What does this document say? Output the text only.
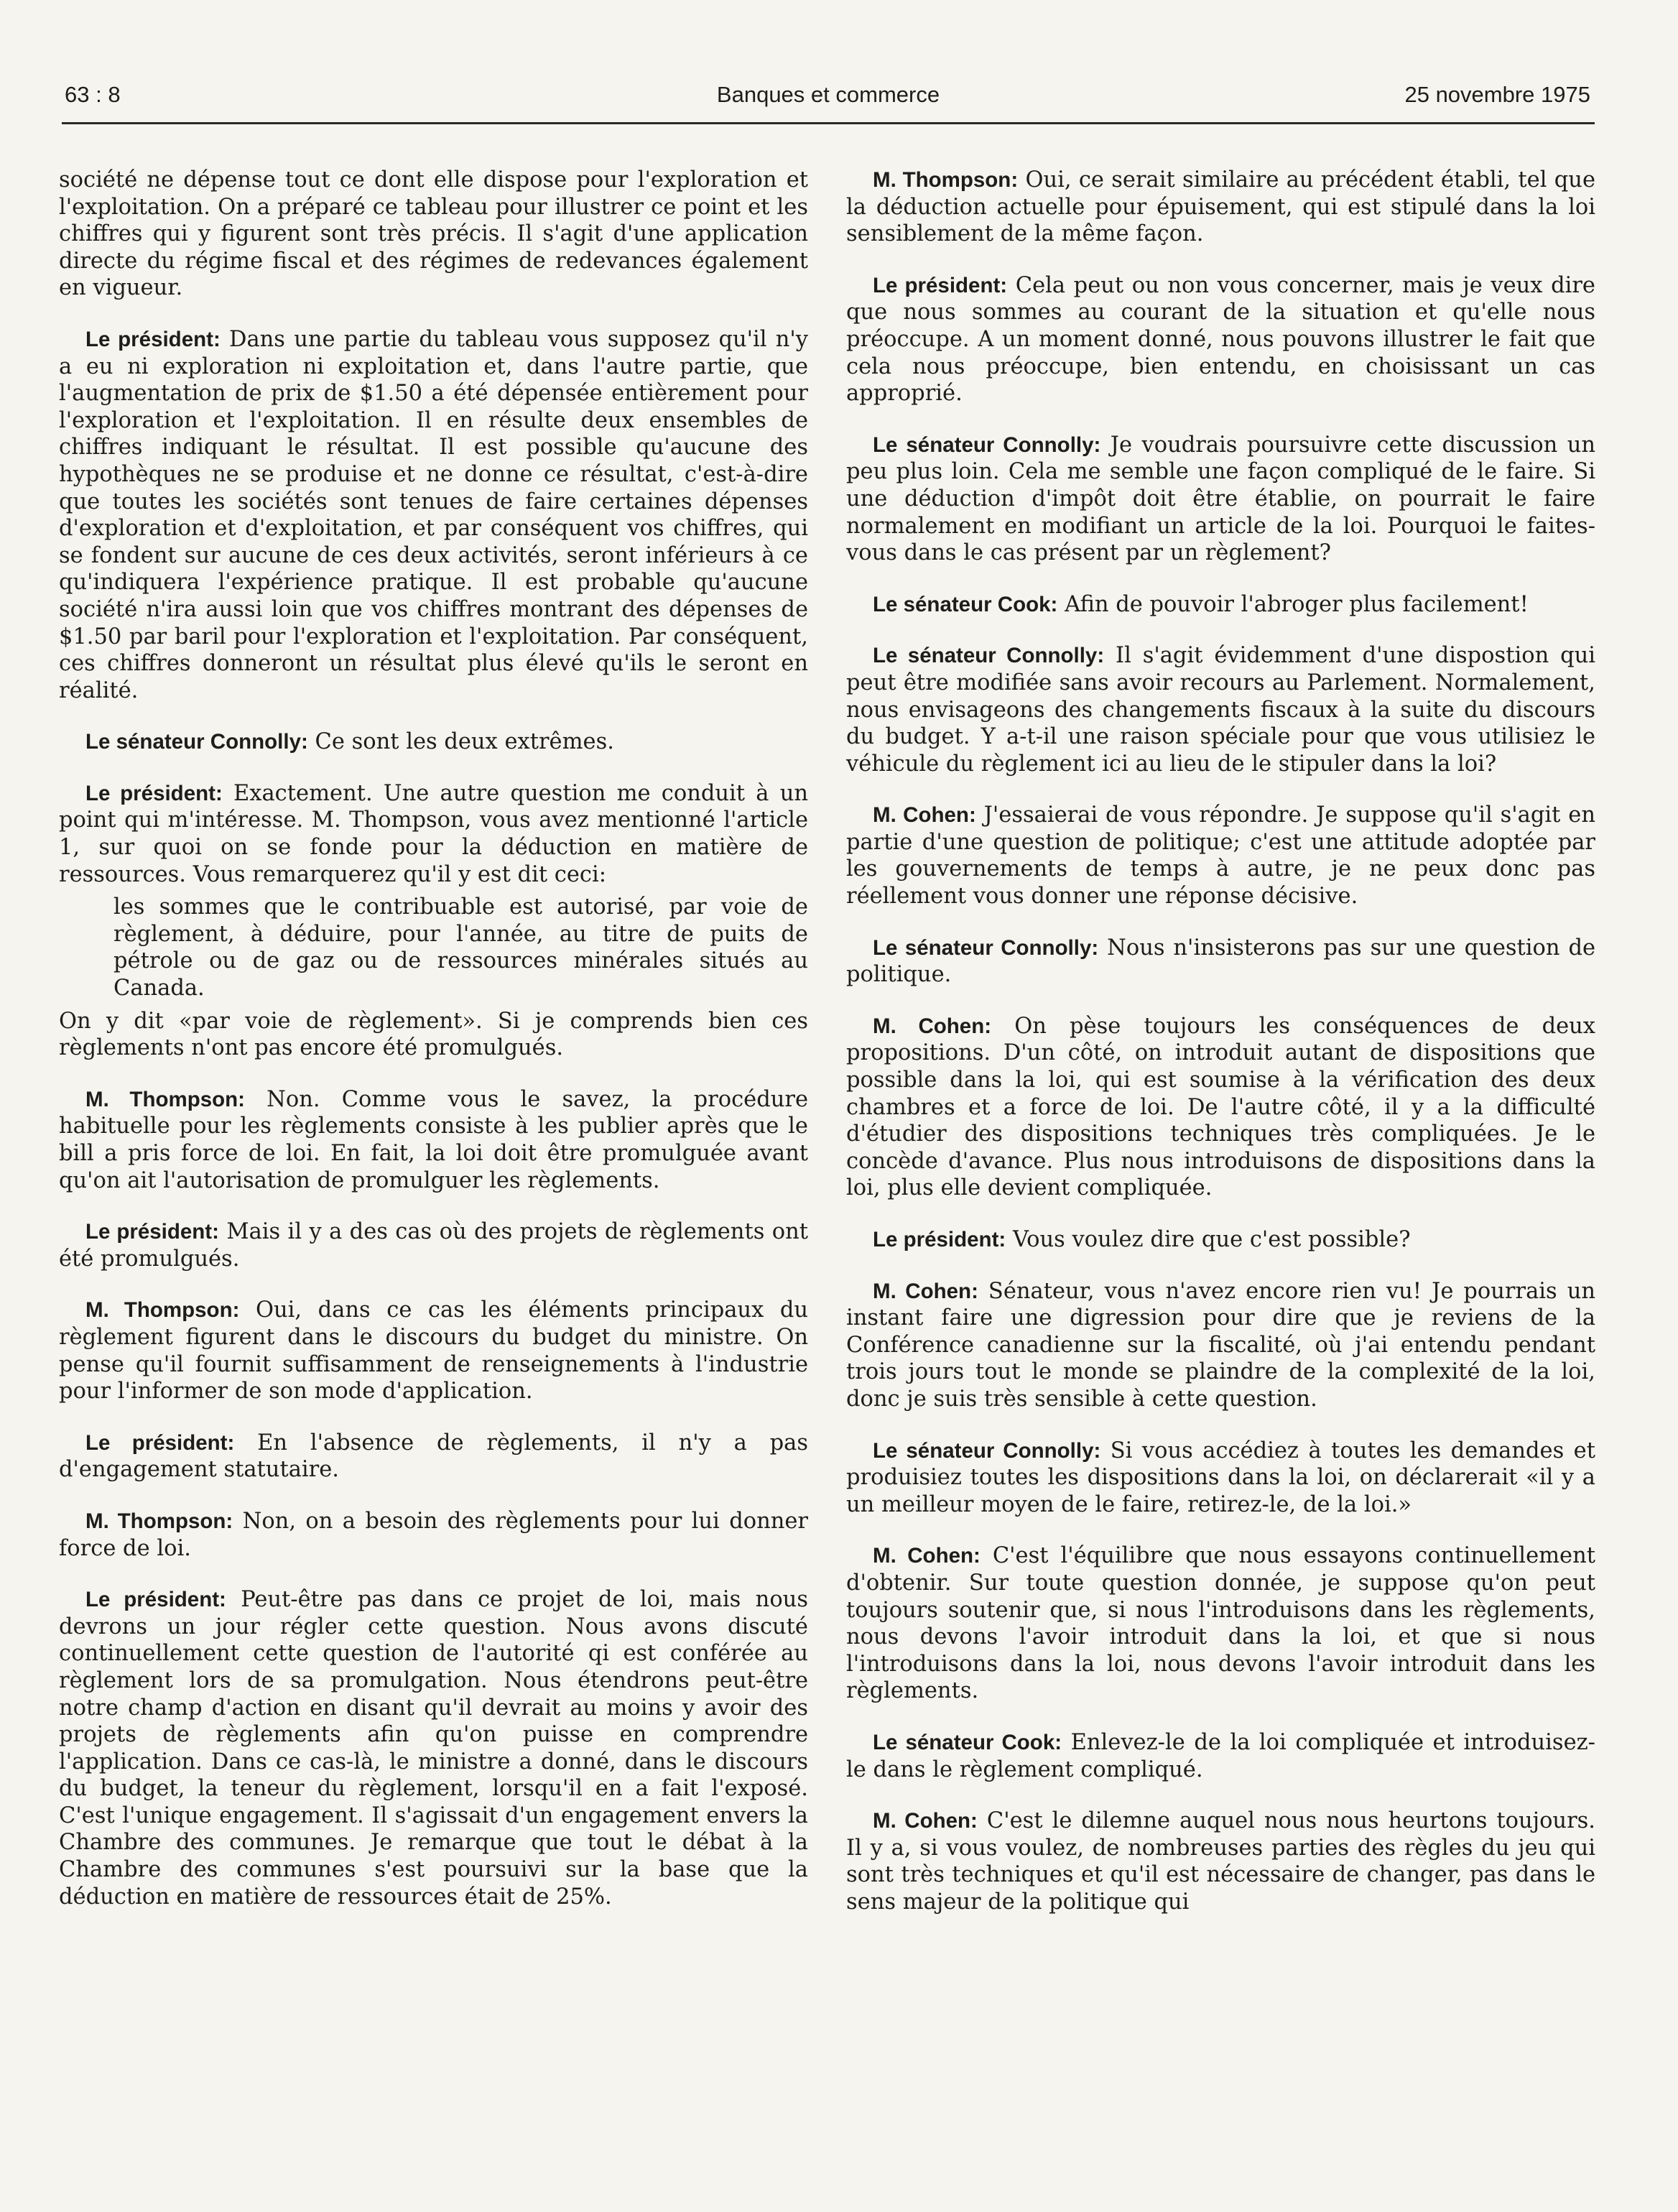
Banques et commerce
63 : 8	25 novembre 1975

société ne dépense tout ce dont elle dispose pour l'exploration et l'exploitation. On a préparé ce tableau pour illustrer ce point et les chiffres qui y figurent sont très précis. Il s'agit d'une application directe du régime fiscal et des régimes de redevances également en vigueur.

Le président: Dans une partie du tableau vous supposez qu'il n'y a eu ni exploration ni exploitation et, dans l'autre partie, que l'augmentation de prix de $1.50 a été dépensée entièrement pour l'exploration et l'exploitation. Il en résulte deux ensembles de chiffres indiquant le résultat. Il est possible qu'aucune des hypothèques ne se produise et ne donne ce résultat, c'est-à-dire que toutes les sociétés sont tenues de faire certaines dépenses d'exploration et d'exploitation, et par conséquent vos chiffres, qui se fondent sur aucune de ces deux activités, seront inférieurs à ce qu'indiquera l'expérience pratique. Il est probable qu'aucune société n'ira aussi loin que vos chiffres montrant des dépenses de $1.50 par baril pour l'exploration et l'exploitation. Par conséquent, ces chiffres donneront un résultat plus élevé qu'ils le seront en réalité.

Le sénateur Connolly: Ce sont les deux extrêmes.

Le président: Exactement. Une autre question me conduit à un point qui m'intéresse. M. Thompson, vous avez mentionné l'article 1, sur quoi on se fonde pour la déduction en matière de ressources. Vous remarquerez qu'il y est dit ceci:

les sommes que le contribuable est autorisé, par voie de règlement, à déduire, pour l'année, au titre de puits de pétrole ou de gaz ou de ressources minérales situés au Canada.

On y dit «par voie de règlement». Si je comprends bien ces règlements n'ont pas encore été promulgués.

M. Thompson: Non. Comme vous le savez, la procédure habituelle pour les règlements consiste à les publier après que le bill a pris force de loi. En fait, la loi doit être promulguée avant qu'on ait l'autorisation de promulguer les règlements.

Le président: Mais il y a des cas où des projets de règlements ont été promulgués.

M. Thompson: Oui, dans ce cas les éléments principaux du règlement figurent dans le discours du budget du ministre. On pense qu'il fournit suffisamment de renseignements à l'industrie pour l'informer de son mode d'application.

Le président: En l'absence de règlements, il n'y a pas d'engagement statutaire.

M. Thompson: Non, on a besoin des règlements pour lui donner force de loi.

Le président: Peut-être pas dans ce projet de loi, mais nous devrons un jour régler cette question. Nous avons discuté continuellement cette question de l'autorité qi est conférée au règlement lors de sa promulgation. Nous étendrons peut-être notre champ d'action en disant qu'il devrait au moins y avoir des projets de règlements afin qu'on puisse en comprendre l'application. Dans ce cas-là, le ministre a donné, dans le discours du budget, la teneur du règlement, lorsqu'il en a fait l'exposé. C'est l'unique engagement. Il s'agissait d'un engagement envers la Chambre des communes. Je remarque que tout le débat à la Chambre des communes s'est poursuivi sur la base que la déduction en matière de ressources était de 25%.

M. Thompson: Oui, ce serait similaire au précédent établi, tel que la déduction actuelle pour épuisement, qui est stipulé dans la loi sensiblement de la même façon.

Le président: Cela peut ou non vous concerner, mais je veux dire que nous sommes au courant de la situation et qu'elle nous préoccupe. A un moment donné, nous pouvons illustrer le fait que cela nous préoccupe, bien entendu, en choisissant un cas approprié.

Le sénateur Connolly: Je voudrais poursuivre cette discussion un peu plus loin. Cela me semble une façon compliqué de le faire. Si une déduction d'impôt doit être établie, on pourrait le faire normalement en modifiant un article de la loi. Pourquoi le faites-vous dans le cas présent par un règlement?

Le sénateur Cook: Afin de pouvoir l'abroger plus facilement!

Le sénateur Connolly: Il s'agit évidemment d'une dispostion qui peut être modifiée sans avoir recours au Parlement. Normalement, nous envisageons des changements fiscaux à la suite du discours du budget. Y a-t-il une raison spéciale pour que vous utilisiez le véhicule du règlement ici au lieu de le stipuler dans la loi?

M. Cohen: J'essaierai de vous répondre. Je suppose qu'il s'agit en partie d'une question de politique; c'est une attitude adoptée par les gouvernements de temps à autre, je ne peux donc pas réellement vous donner une réponse décisive.

Le sénateur Connolly: Nous n'insisterons pas sur une question de politique.

M. Cohen: On pèse toujours les conséquences de deux propositions. D'un côté, on introduit autant de dispositions que possible dans la loi, qui est soumise à la vérification des deux chambres et a force de loi. De l'autre côté, il y a la difficulté d'étudier des dispositions techniques très compliquées. Je le concède d'avance. Plus nous introduisons de dispositions dans la loi, plus elle devient compliquée.

Le président: Vous voulez dire que c'est possible?

M. Cohen: Sénateur, vous n'avez encore rien vu! Je pourrais un instant faire une digression pour dire que je reviens de la Conférence canadienne sur la fiscalité, où j'ai entendu pendant trois jours tout le monde se plaindre de la complexité de la loi, donc je suis très sensible à cette question.

Le sénateur Connolly: Si vous accédiez à toutes les demandes et produisiez toutes les dispositions dans la loi, on déclarerait «il y a un meilleur moyen de le faire, retirez-le, de la loi.»

M. Cohen: C'est l'équilibre que nous essayons continuellement d'obtenir. Sur toute question donnée, je suppose qu'on peut toujours soutenir que, si nous l'introduisons dans les règlements, nous devons l'avoir introduit dans la loi, et que si nous l'introduisons dans la loi, nous devons l'avoir introduit dans les règlements.

Le sénateur Cook: Enlevez-le de la loi compliquée et introduisez-le dans le règlement compliqué.

M. Cohen: C'est le dilemne auquel nous nous heurtons toujours. Il y a, si vous voulez, de nombreuses parties des règles du jeu qui sont très techniques et qu'il est nécessaire de changer, pas dans le sens majeur de la politique qui
